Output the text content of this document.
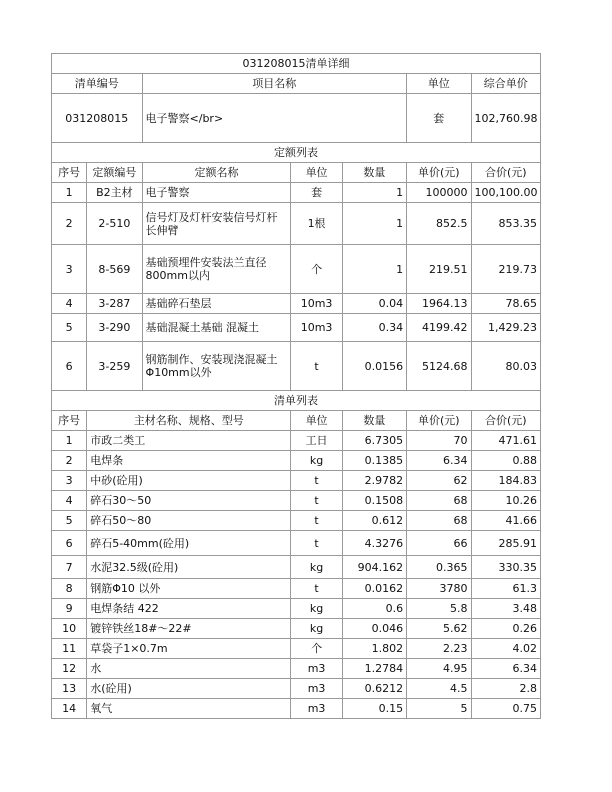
031208015清单详细						
清单编号		项目名称			单位	综合单价
031208015		电子警察</br>			套	102,760.98
定额列表						
序号	定额编号	定额名称	单位	数量	单价(元)	合价(元)
1	B2主材	电子警察	套	1	100000	100,100.00
2	2-510	信号灯及灯杆安装信号灯杆长伸臂	1根	1	852.5	853.35
3	8-569	基础预埋件安装法兰直径800mm以内	个	1	219.51	219.73
4	3-287	基础碎石垫层	10m3	0.04	1964.13	78.65
5	3-290	基础混凝土基础 混凝土	10m3	0.34	4199.42	1,429.23
6	3-259	钢筋制作、安装现浇混凝土Φ10mm以外	t	0.0156	5124.68	80.03
清单列表						
序号	主材名称、规格、型号		单位	数量	单价(元)	合价(元)
1	市政二类工		工日	6.7305	70	471.61
2	电焊条		kg	0.1385	6.34	0.88
3	中砂(砼用)		t	2.9782	62	184.83
4	碎石30～50		t	0.1508	68	10.26
5	碎石50～80		t	0.612	68	41.66
6	碎石5-40mm(砼用)		t	4.3276	66	285.91
7	水泥32.5级(砼用)		kg	904.162	0.365	330.35
8	钢筋Φ10 以外		t	0.0162	3780	61.3
9	电焊条结 422		kg	0.6	5.8	3.48
10	镀锌铁丝18#～22#		kg	0.046	5.62	0.26
11	草袋子1×0.7m		个	1.802	2.23	4.02
12	水		m3	1.2784	4.95	6.34
13	水(砼用)		m3	0.6212	4.5	2.8
14	氧气		m3	0.15	5	0.75
